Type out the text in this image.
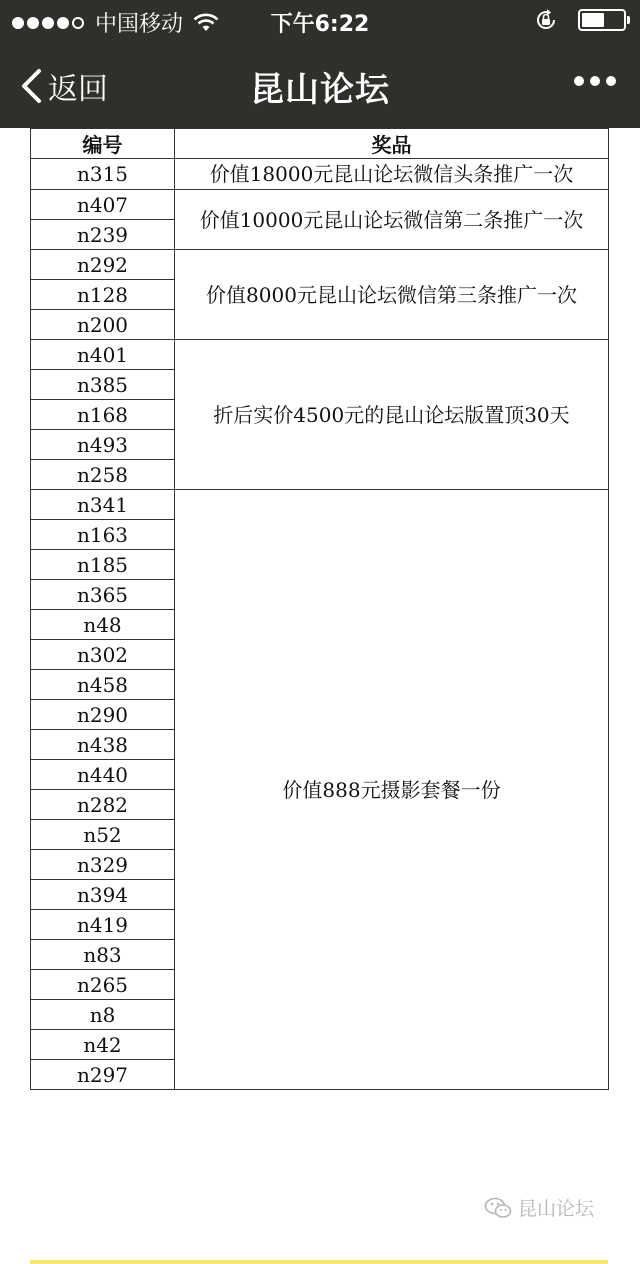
中国移动	下午6:22
返回	昆山论坛
编号	奖品
n315	价值18000元昆山论坛微信头条推广一次
n407	价值10000元昆山论坛微信第二条推广一次
n239	
n292	价值8000元昆山论坛微信第三条推广一次
n128	
n200	
n401	折后实价4500元的昆山论坛版置顶30天
n385	
n168	
n493	
n258	
n341	价值888元摄影套餐一份
n163	
n185	
n365	
n48	
n302	
n458	
n290	
n438	
n440	
n282	
n52	
n329	
n394	
n419	
n83	
n265	
n8	
n42	
n297	
昆山论坛
